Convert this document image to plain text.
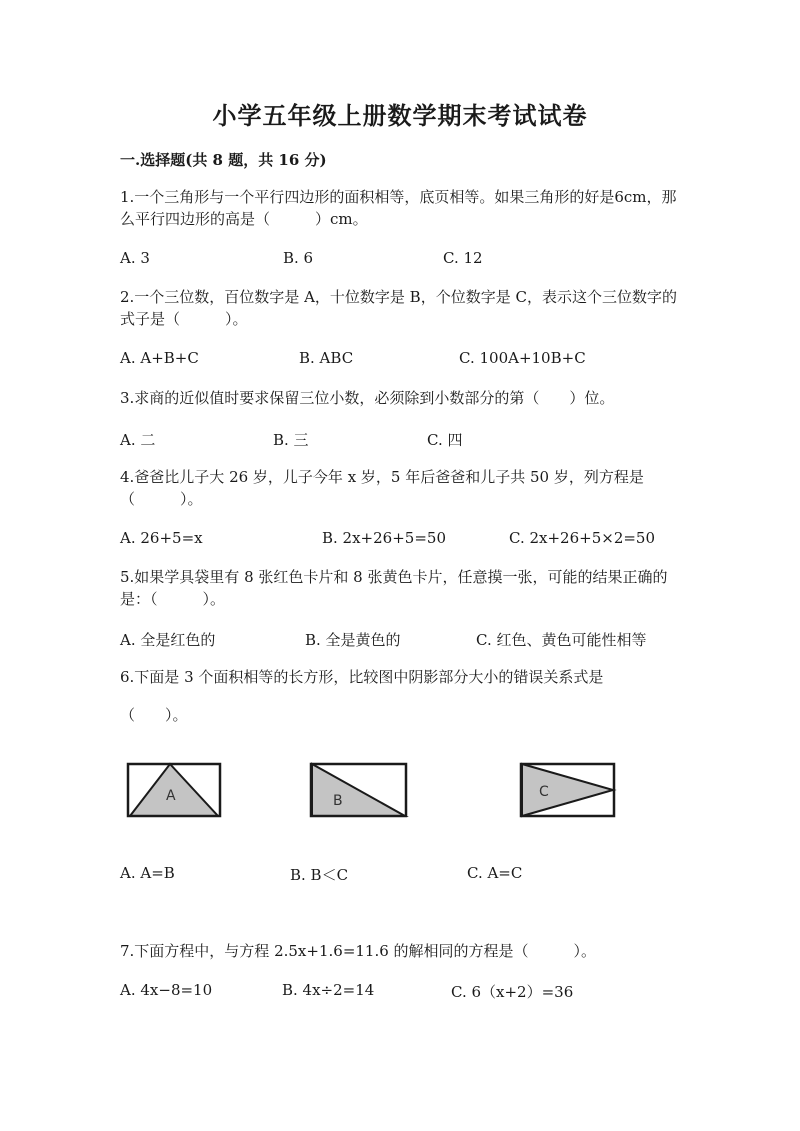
小学五年级上册数学期末考试试卷
一.选择题(共 8 题，共 16 分)
1.一个三角形与一个平行四边形的面积相等，底页相等。如果三角形的好是6cm，那么平行四边形的高是（　　　）cm。
A. 3	B. 6	C. 12
2.一个三位数，百位数字是 A，十位数字是 B，个位数字是 C，表示这个三位数字的式子是（　　　）。
A. A+B+C	B. ABC	C. 100A+10B+C
3.求商的近似值时要求保留三位小数，必须除到小数部分的第（　　）位。
A. 二	B. 三	C. 四
4.爸爸比儿子大 26 岁，儿子今年 x 岁，5 年后爸爸和儿子共 50 岁，列方程是（　　　）。
A. 26+5=x	B. 2x+26+5=50	C. 2x+26+5×2=50
5.如果学具袋里有 8 张红色卡片和 8 张黄色卡片，任意摸一张，可能的结果正确的是：（　　　）。
A. 全是红色的	B. 全是黄色的	C. 红色、黄色可能性相等
6.下面是 3 个面积相等的长方形，比较图中阴影部分大小的错误关系式是
（　　）。
A	B
C
A. A=B	B. B＜C	C. A=C
7.下面方程中，与方程 2.5x+1.6=11.6 的解相同的方程是（　　　）。
A. 4x−8=10	B. 4x÷2=14	C. 6（x+2）=36
